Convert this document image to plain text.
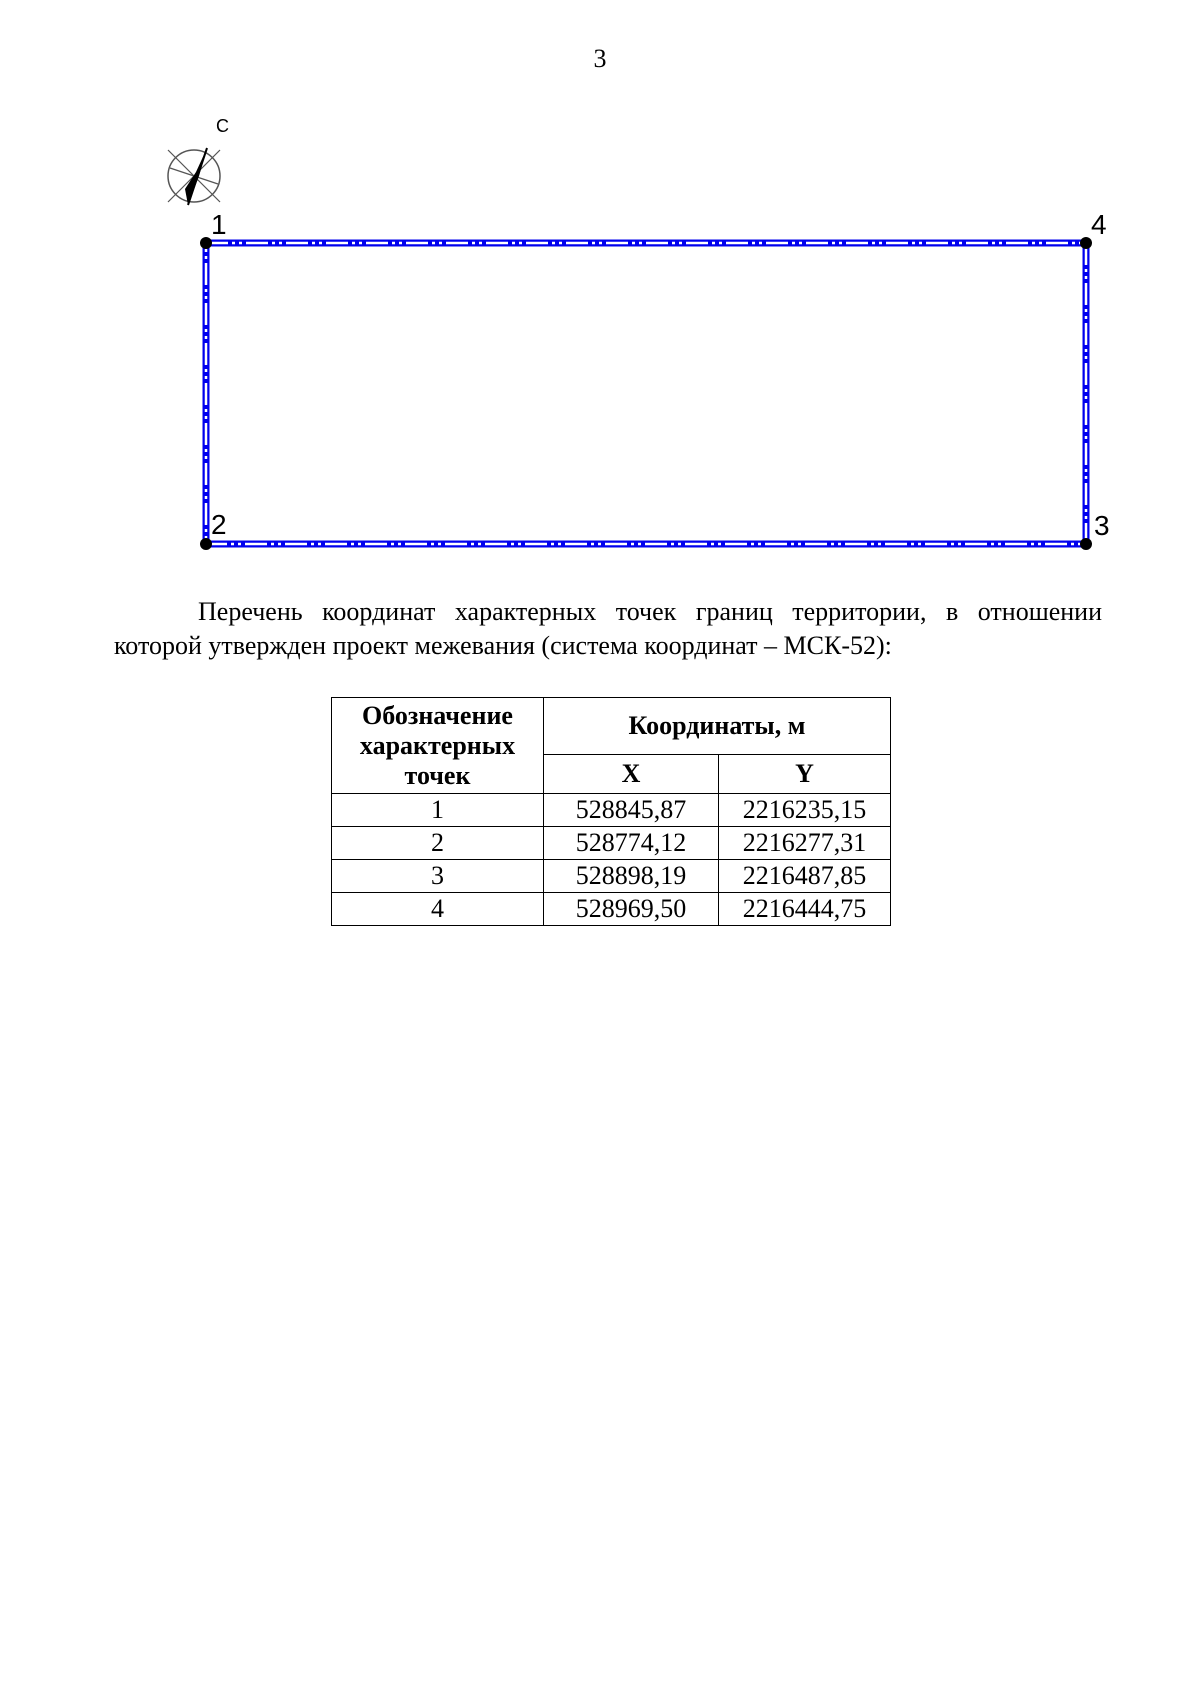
3
С
1
2	3
4
Перечень координат характерных точек границ территории, в отношении которой утвержден проект межевания (система координат – МСК-52):
Обозначение характерных точек	Координаты, м	
	X	Y
1	528845,87	2216235,15
2	528774,12	2216277,31
3	528898,19	2216487,85
4	528969,50	2216444,75
